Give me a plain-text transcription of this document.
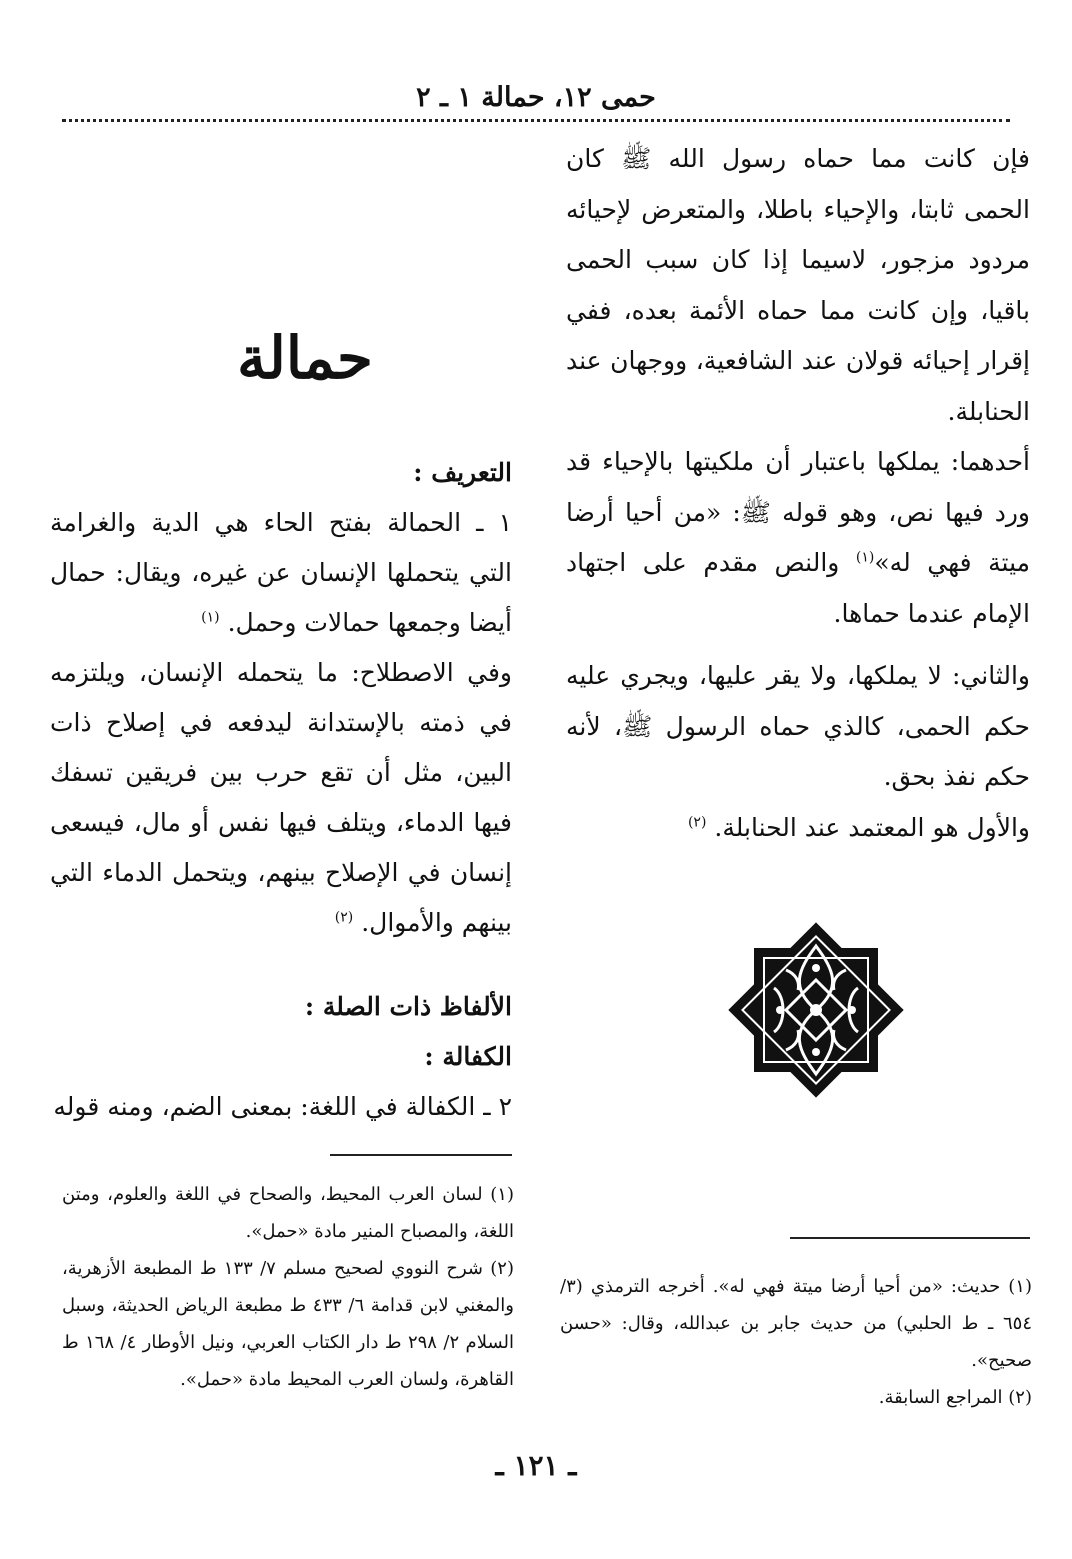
حمى ١٢، حمالة ١ ـ ٢

فإن كانت مما حماه رسول الله ﷺ كان الحمى ثابتا، والإحياء باطلا، والمتعرض لإحيائه مردود مزجور، لاسيما إذا كان سبب الحمى باقيا، وإن كانت مما حماه الأئمة بعده، ففي إقرار إحيائه قولان عند الشافعية، ووجهان عند الحنابلة.

أحدهما: يملكها باعتبار أن ملكيتها بالإحياء قد ورد فيها نص، وهو قوله ﷺ: «من أحيا أرضا ميتة فهي له»$^{(١)}$ والنص مقدم على اجتهاد الإمام عندما حماها.

والثاني: لا يملكها، ولا يقر عليها، ويجري عليه حكم الحمى، كالذي حماه الرسول ﷺ، لأنه حكم نفذ بحق.

والأول هو المعتمد عند الحنابلة. $^{(٢)}$

حمالة

التعريف :

١ ـ الحمالة بفتح الحاء هي الدية والغرامة التي يتحملها الإنسان عن غيره، ويقال: حمال أيضا وجمعها حمالات وحمل. $^{(١)}$

وفي الاصطلاح: ما يتحمله الإنسان، ويلتزمه في ذمته بالإستدانة ليدفعه في إصلاح ذات البين، مثل أن تقع حرب بين فريقين تسفك فيها الدماء، ويتلف فيها نفس أو مال، فيسعى إنسان في الإصلاح بينهم، ويتحمل الدماء التي بينهم والأموال. $^{(٢)}$

الألفاظ ذات الصلة :

الكفالة :

٢ ـ الكفالة في اللغة: بمعنى الضم، ومنه قوله

(١) لسان العرب المحيط، والصحاح في اللغة والعلوم، ومتن اللغة، والمصباح المنير مادة «حمل».

(٢) شرح النووي لصحيح مسلم ٧/ ١٣٣ ط المطبعة الأزهرية، والمغني لابن قدامة ٦/ ٤٣٣ ط مطبعة الرياض الحديثة، وسبل السلام ٢/ ٢٩٨ ط دار الكتاب العربي، ونيل الأوطار ٤/ ١٦٨ ط القاهرة، ولسان العرب المحيط مادة «حمل».

(١) حديث: «من أحيا أرضا ميتة فهي له». أخرجه الترمذي (٣/ ٦٥٤ ـ ط الحلبي) من حديث جابر بن عبدالله، وقال: «حسن صحيح».

(٢) المراجع السابقة.

ـ ١٢١ ـ
